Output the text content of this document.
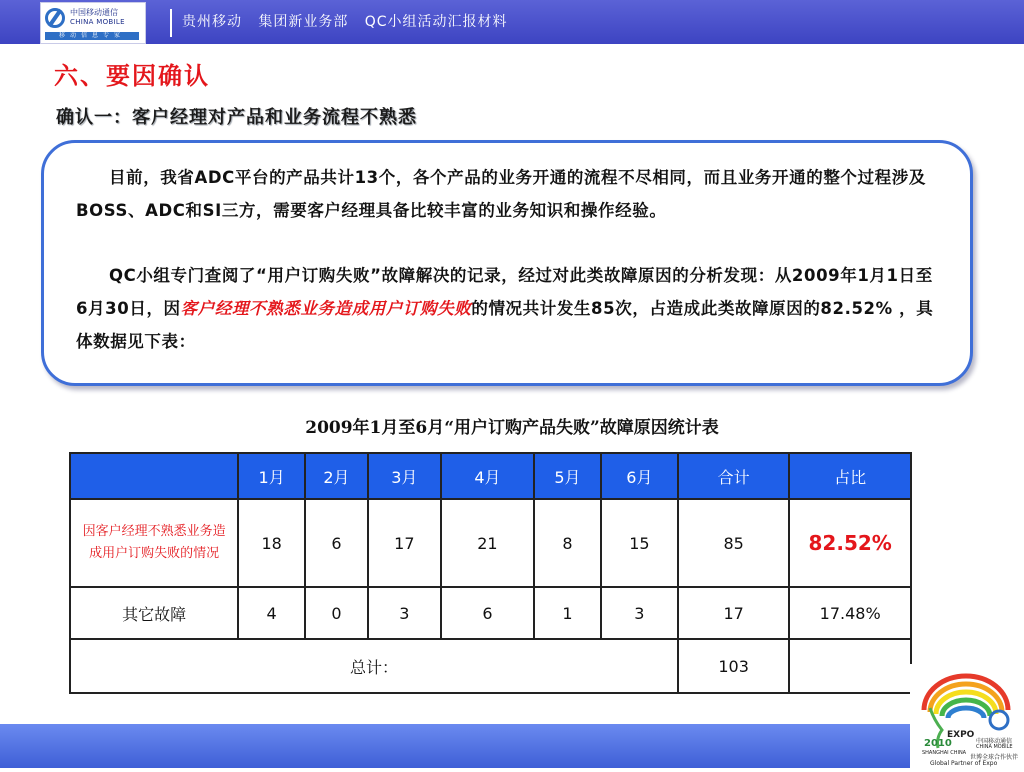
中国移动通信
CHINA MOBILE
移动信息专家
贵州移动   集团新业务部   QC小组活动汇报材料
六、要因确认
确认一：客户经理对产品和业务流程不熟悉

目前，我省ADC平台的产品共计13个，各个产品的业务开通的流程不尽相同，而且业务开通的整个过程涉及BOSS、ADC和SI三方，需要客户经理具备比较丰富的业务知识和操作经验。

QC小组专门查阅了“用户订购失败”故障解决的记录，经过对此类故障原因的分析发现：从2009年1月1日至6月30日，因客户经理不熟悉业务造成用户订购失败的情况共计发生85次，占造成此类故障原因的82.52% ，具体数据见下表：

2009年1月至6月“用户订购产品失败”故障原因统计表
	1月	2月	3月	4月	5月	6月	合计	占比
因客户经理不熟悉业务造成用户订购失败的情况	18	6	17	21	8	15	85	82.52%
其它故障	4	0	3	6	1	3	17	17.48%
总计：							103	
EXPO
2010
SHANGHAI CHINA
中国移动通信
CHINA MOBILE
世博全球合作伙伴
Global Partner of Expo
